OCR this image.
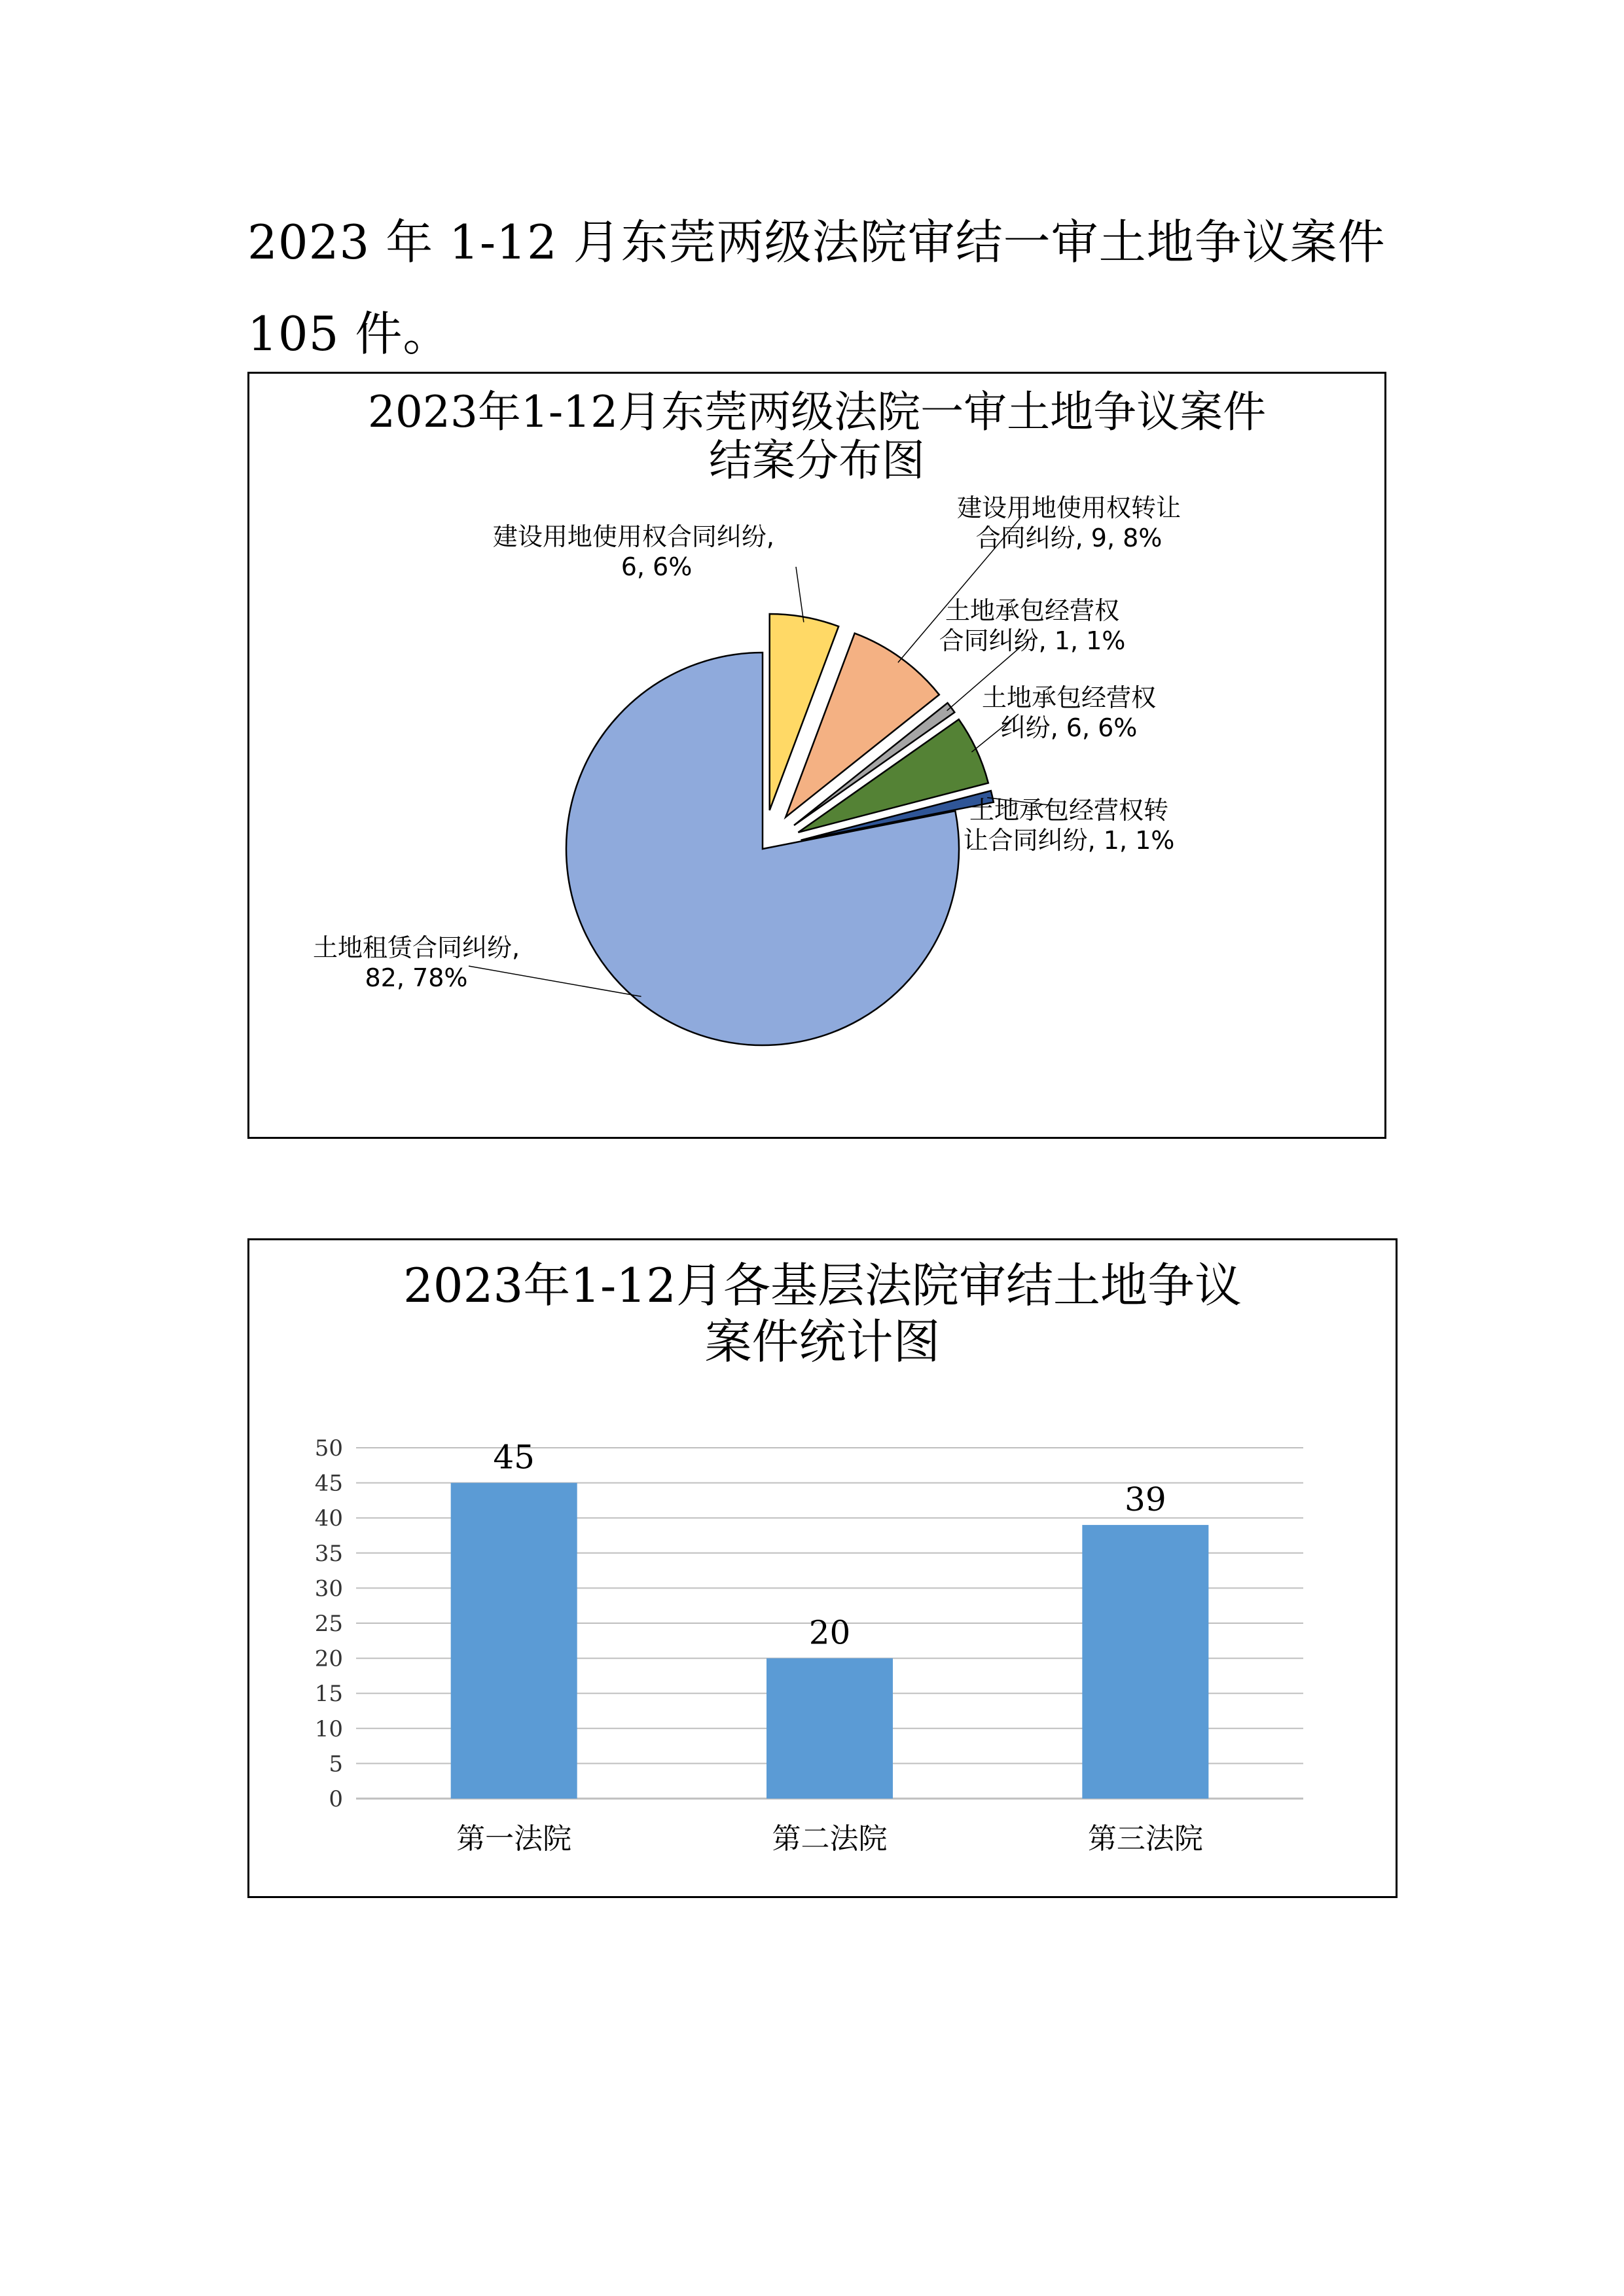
2023 年 1-12 月东莞两级法院审结一审土地争议案件
105 件。
2023年1-12月东莞两级法院一审土地争议案件
结案分布图
建设用地使用权合同纠纷,
6, 6%
建设用地使用权转让
合同纠纷, 9, 8%
土地承包经营权
合同纠纷, 1, 1%
土地承包经营权
纠纷, 6, 6%
土地承包经营权转
让合同纠纷, 1, 1%
土地租赁合同纠纷,
82, 78%
2023年1-12月各基层法院审结土地争议
案件统计图
0
5
10
15
20
25
30
35
40
45
50	45
第一法院
20
第二法院
39
第三法院
